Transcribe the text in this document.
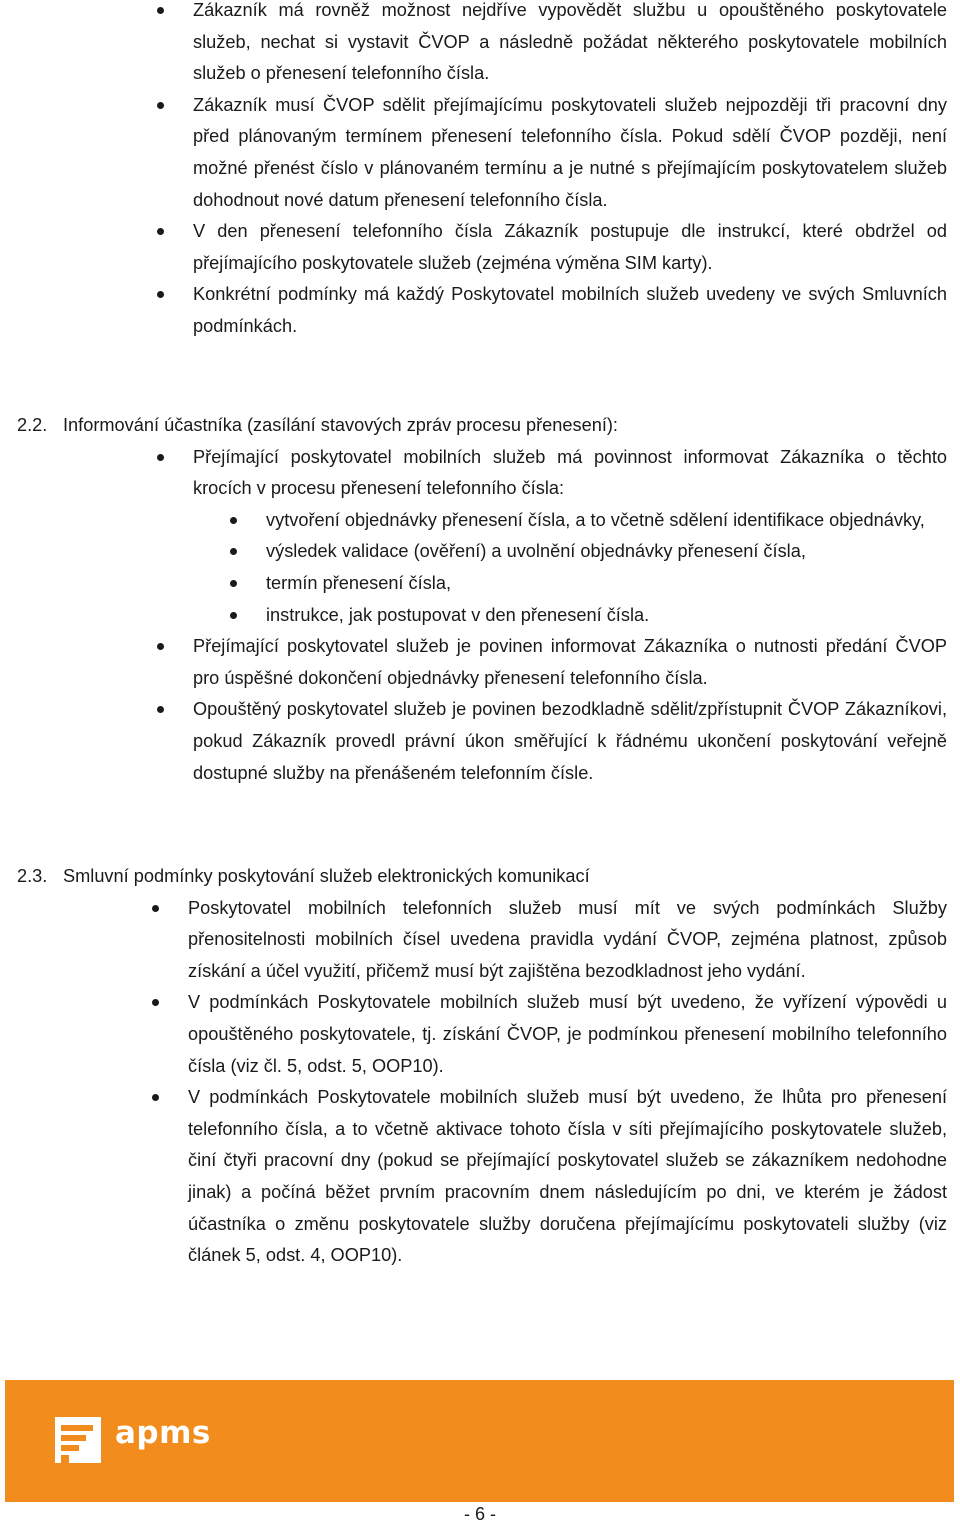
Zákazník má rovněž možnost nejdříve vypovědět službu u opouštěného poskytovatele služeb, nechat si vystavit ČVOP a následně požádat některého poskytovatele mobilních služeb o přenesení telefonního čísla.
Zákazník musí ČVOP sdělit přejímajícímu poskytovateli služeb nejpozději tři pracovní dny před plánovaným termínem přenesení telefonního čísla. Pokud sdělí ČVOP později, není možné přenést číslo v plánovaném termínu a je nutné s přejímajícím poskytovatelem služeb dohodnout nové datum přenesení telefonního čísla.
V den přenesení telefonního čísla Zákazník postupuje dle instrukcí, které obdržel od přejímajícího poskytovatele služeb (zejména výměna SIM karty).
Konkrétní podmínky má každý Poskytovatel mobilních služeb uvedeny ve svých Smluvních podmínkách.
2.2. Informování účastníka (zasílání stavových zpráv procesu přenesení):
Přejímající poskytovatel mobilních služeb má povinnost informovat Zákazníka o těchto krocích v procesu přenesení telefonního čísla:
vytvoření objednávky přenesení čísla, a to včetně sdělení identifikace objednávky,
výsledek validace (ověření) a uvolnění objednávky přenesení čísla,
termín přenesení čísla,
instrukce, jak postupovat v den přenesení čísla.
Přejímající poskytovatel služeb je povinen informovat Zákazníka o nutnosti předání ČVOP pro úspěšné dokončení objednávky přenesení telefonního čísla.
Opouštěný poskytovatel služeb je povinen bezodkladně sdělit/zpřístupnit ČVOP Zákazníkovi, pokud Zákazník provedl právní úkon směřující k řádnému ukončení poskytování veřejně dostupné služby na přenášeném telefonním čísle.
2.3. Smluvní podmínky poskytování služeb elektronických komunikací
Poskytovatel mobilních telefonních služeb musí mít ve svých podmínkách Služby přenositelnosti mobilních čísel uvedena pravidla vydání ČVOP, zejména platnost, způsob získání a účel využití, přičemž musí být zajištěna bezodkladnost jeho vydání.
V podmínkách Poskytovatele mobilních služeb musí být uvedeno, že vyřízení výpovědi u opouštěného poskytovatele, tj. získání ČVOP, je podmínkou přenesení mobilního telefonního čísla (viz čl. 5, odst. 5, OOP10).
V podmínkách Poskytovatele mobilních služeb musí být uvedeno, že lhůta pro přenesení telefonního čísla, a to včetně aktivace tohoto čísla v síti přejímajícího poskytovatele služeb, činí čtyři pracovní dny (pokud se přejímající poskytovatel služeb se zákazníkem nedohodne jinak) a počíná běžet prvním pracovním dnem následujícím po dni, ve kterém je žádost účastníka o změnu poskytovatele služby doručena přejímajícímu poskytovateli služby (viz článek 5, odst. 4, OOP10).
apms
- 6 -
